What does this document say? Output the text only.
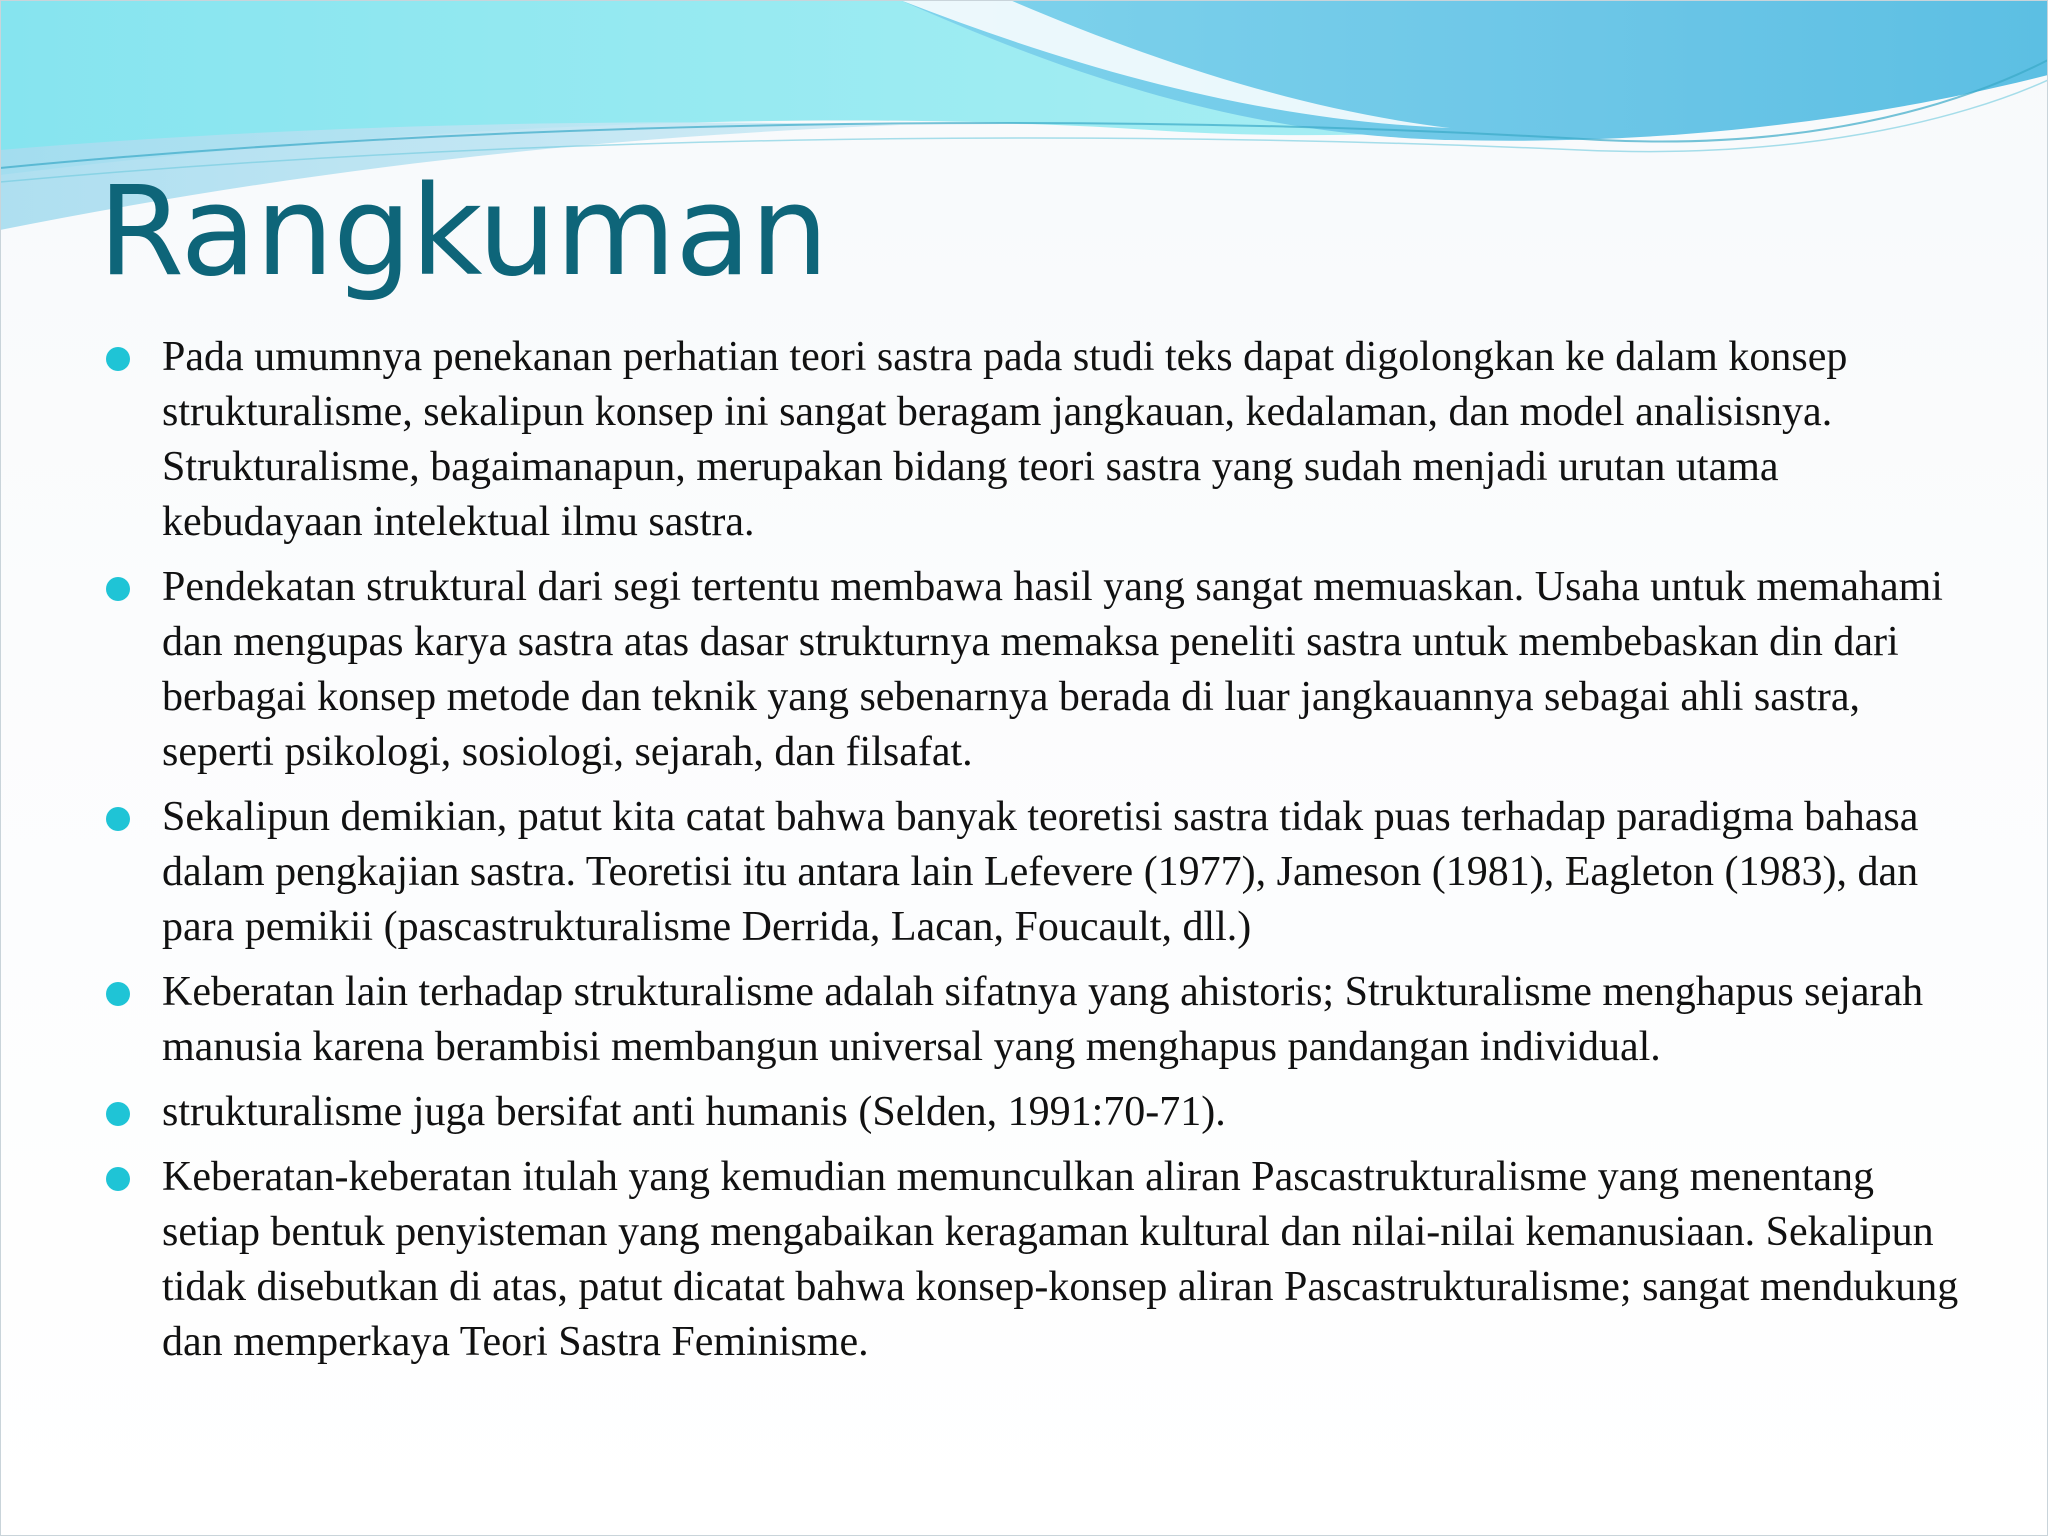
Rangkuman
Pada umumnya penekanan perhatian teori sastra pada studi teks dapat digolongkan ke dalam konsep strukturalisme, sekalipun konsep ini sangat beragam jangkauan, kedalaman, dan model analisisnya. Strukturalisme, bagaimanapun, merupakan bidang teori sastra yang sudah menjadi urutan utama kebudayaan intelektual ilmu sastra.
Pendekatan struktural dari segi tertentu membawa hasil yang sangat memuaskan. Usaha untuk memahami dan mengupas karya sastra atas dasar strukturnya memaksa peneliti sastra untuk membebaskan din dari berbagai konsep metode dan teknik yang sebenarnya berada di luar jangkauannya sebagai ahli sastra, seperti psikologi, sosiologi, sejarah, dan filsafat.
Sekalipun demikian, patut kita catat bahwa banyak teoretisi sastra tidak puas terhadap paradigma bahasa dalam pengkajian sastra. Teoretisi itu antara lain Lefevere (1977), Jameson (1981), Eagleton (1983), dan para pemikii (pascastrukturalisme Derrida, Lacan, Foucault, dll.)
Keberatan lain terhadap strukturalisme adalah sifatnya yang ahistoris; Strukturalisme menghapus sejarah manusia karena berambisi membangun universal yang menghapus pandangan individual.
strukturalisme juga bersifat anti humanis (Selden, 1991:70-71).
Keberatan-keberatan itulah yang kemudian memunculkan aliran Pascastrukturalisme yang menentang setiap bentuk penyisteman yang mengabaikan keragaman kultural dan nilai-nilai kemanusiaan. Sekalipun tidak disebutkan di atas, patut dicatat bahwa konsep-konsep aliran Pascastrukturalisme; sangat mendukung dan memperkaya Teori Sastra Feminisme.
